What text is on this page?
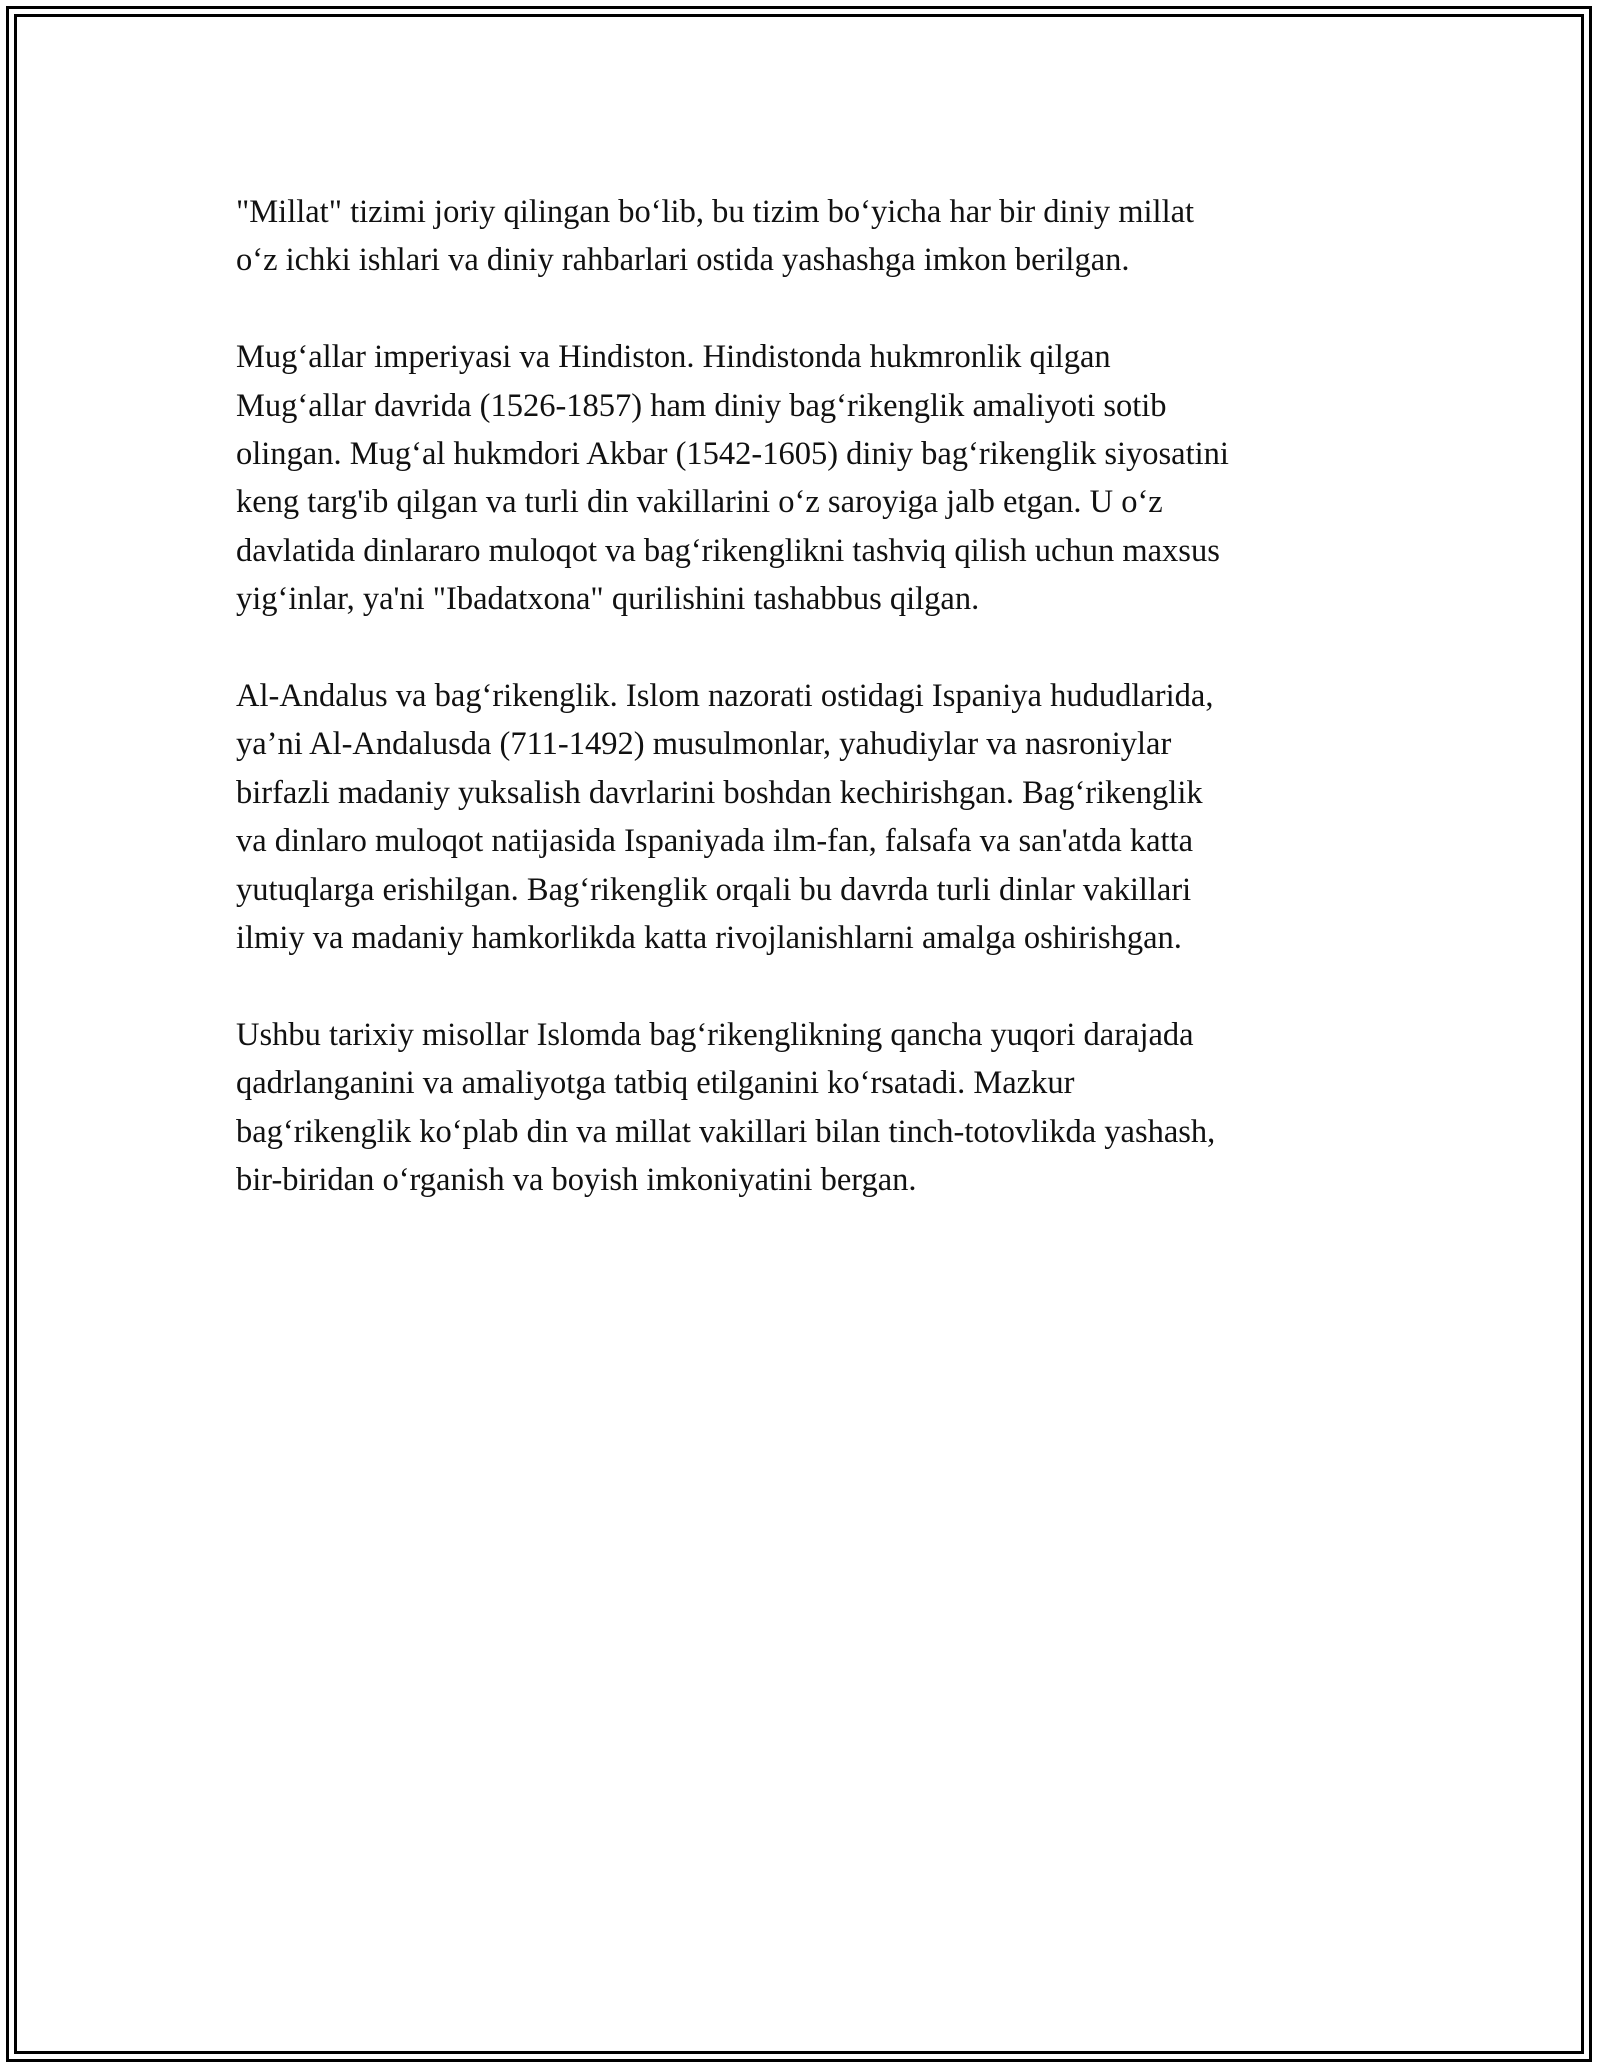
"Millat" tizimi joriy qilingan bo‘lib, bu tizim bo‘yicha har bir diniy millat
o‘z ichki ishlari va diniy rahbarlari ostida yashashga imkon berilgan.

Mug‘allar imperiyasi va Hindiston. Hindistonda hukmronlik qilgan
Mug‘allar davrida (1526-1857) ham diniy bag‘rikenglik amaliyoti sotib
olingan. Mug‘al hukmdori Akbar (1542-1605) diniy bag‘rikenglik siyosatini
keng targ'ib qilgan va turli din vakillarini o‘z saroyiga jalb etgan. U o‘z
davlatida dinlararo muloqot va bag‘rikenglikni tashviq qilish uchun maxsus
yig‘inlar, ya'ni "Ibadatxona" qurilishini tashabbus qilgan.

Al-Andalus va bag‘rikenglik. Islom nazorati ostidagi Ispaniya hududlarida,
ya’ni Al-Andalusda (711-1492) musulmonlar, yahudiylar va nasroniylar
birfazli madaniy yuksalish davrlarini boshdan kechirishgan. Bag‘rikenglik
va dinlaro muloqot natijasida Ispaniyada ilm-fan, falsafa va san'atda katta
yutuqlarga erishilgan. Bag‘rikenglik orqali bu davrda turli dinlar vakillari
ilmiy va madaniy hamkorlikda katta rivojlanishlarni amalga oshirishgan.

Ushbu tarixiy misollar Islomda bag‘rikenglikning qancha yuqori darajada
qadrlanganini va amaliyotga tatbiq etilganini ko‘rsatadi. Mazkur
bag‘rikenglik ko‘plab din va millat vakillari bilan tinch-totovlikda yashash,
bir-biridan o‘rganish va boyish imkoniyatini bergan.
